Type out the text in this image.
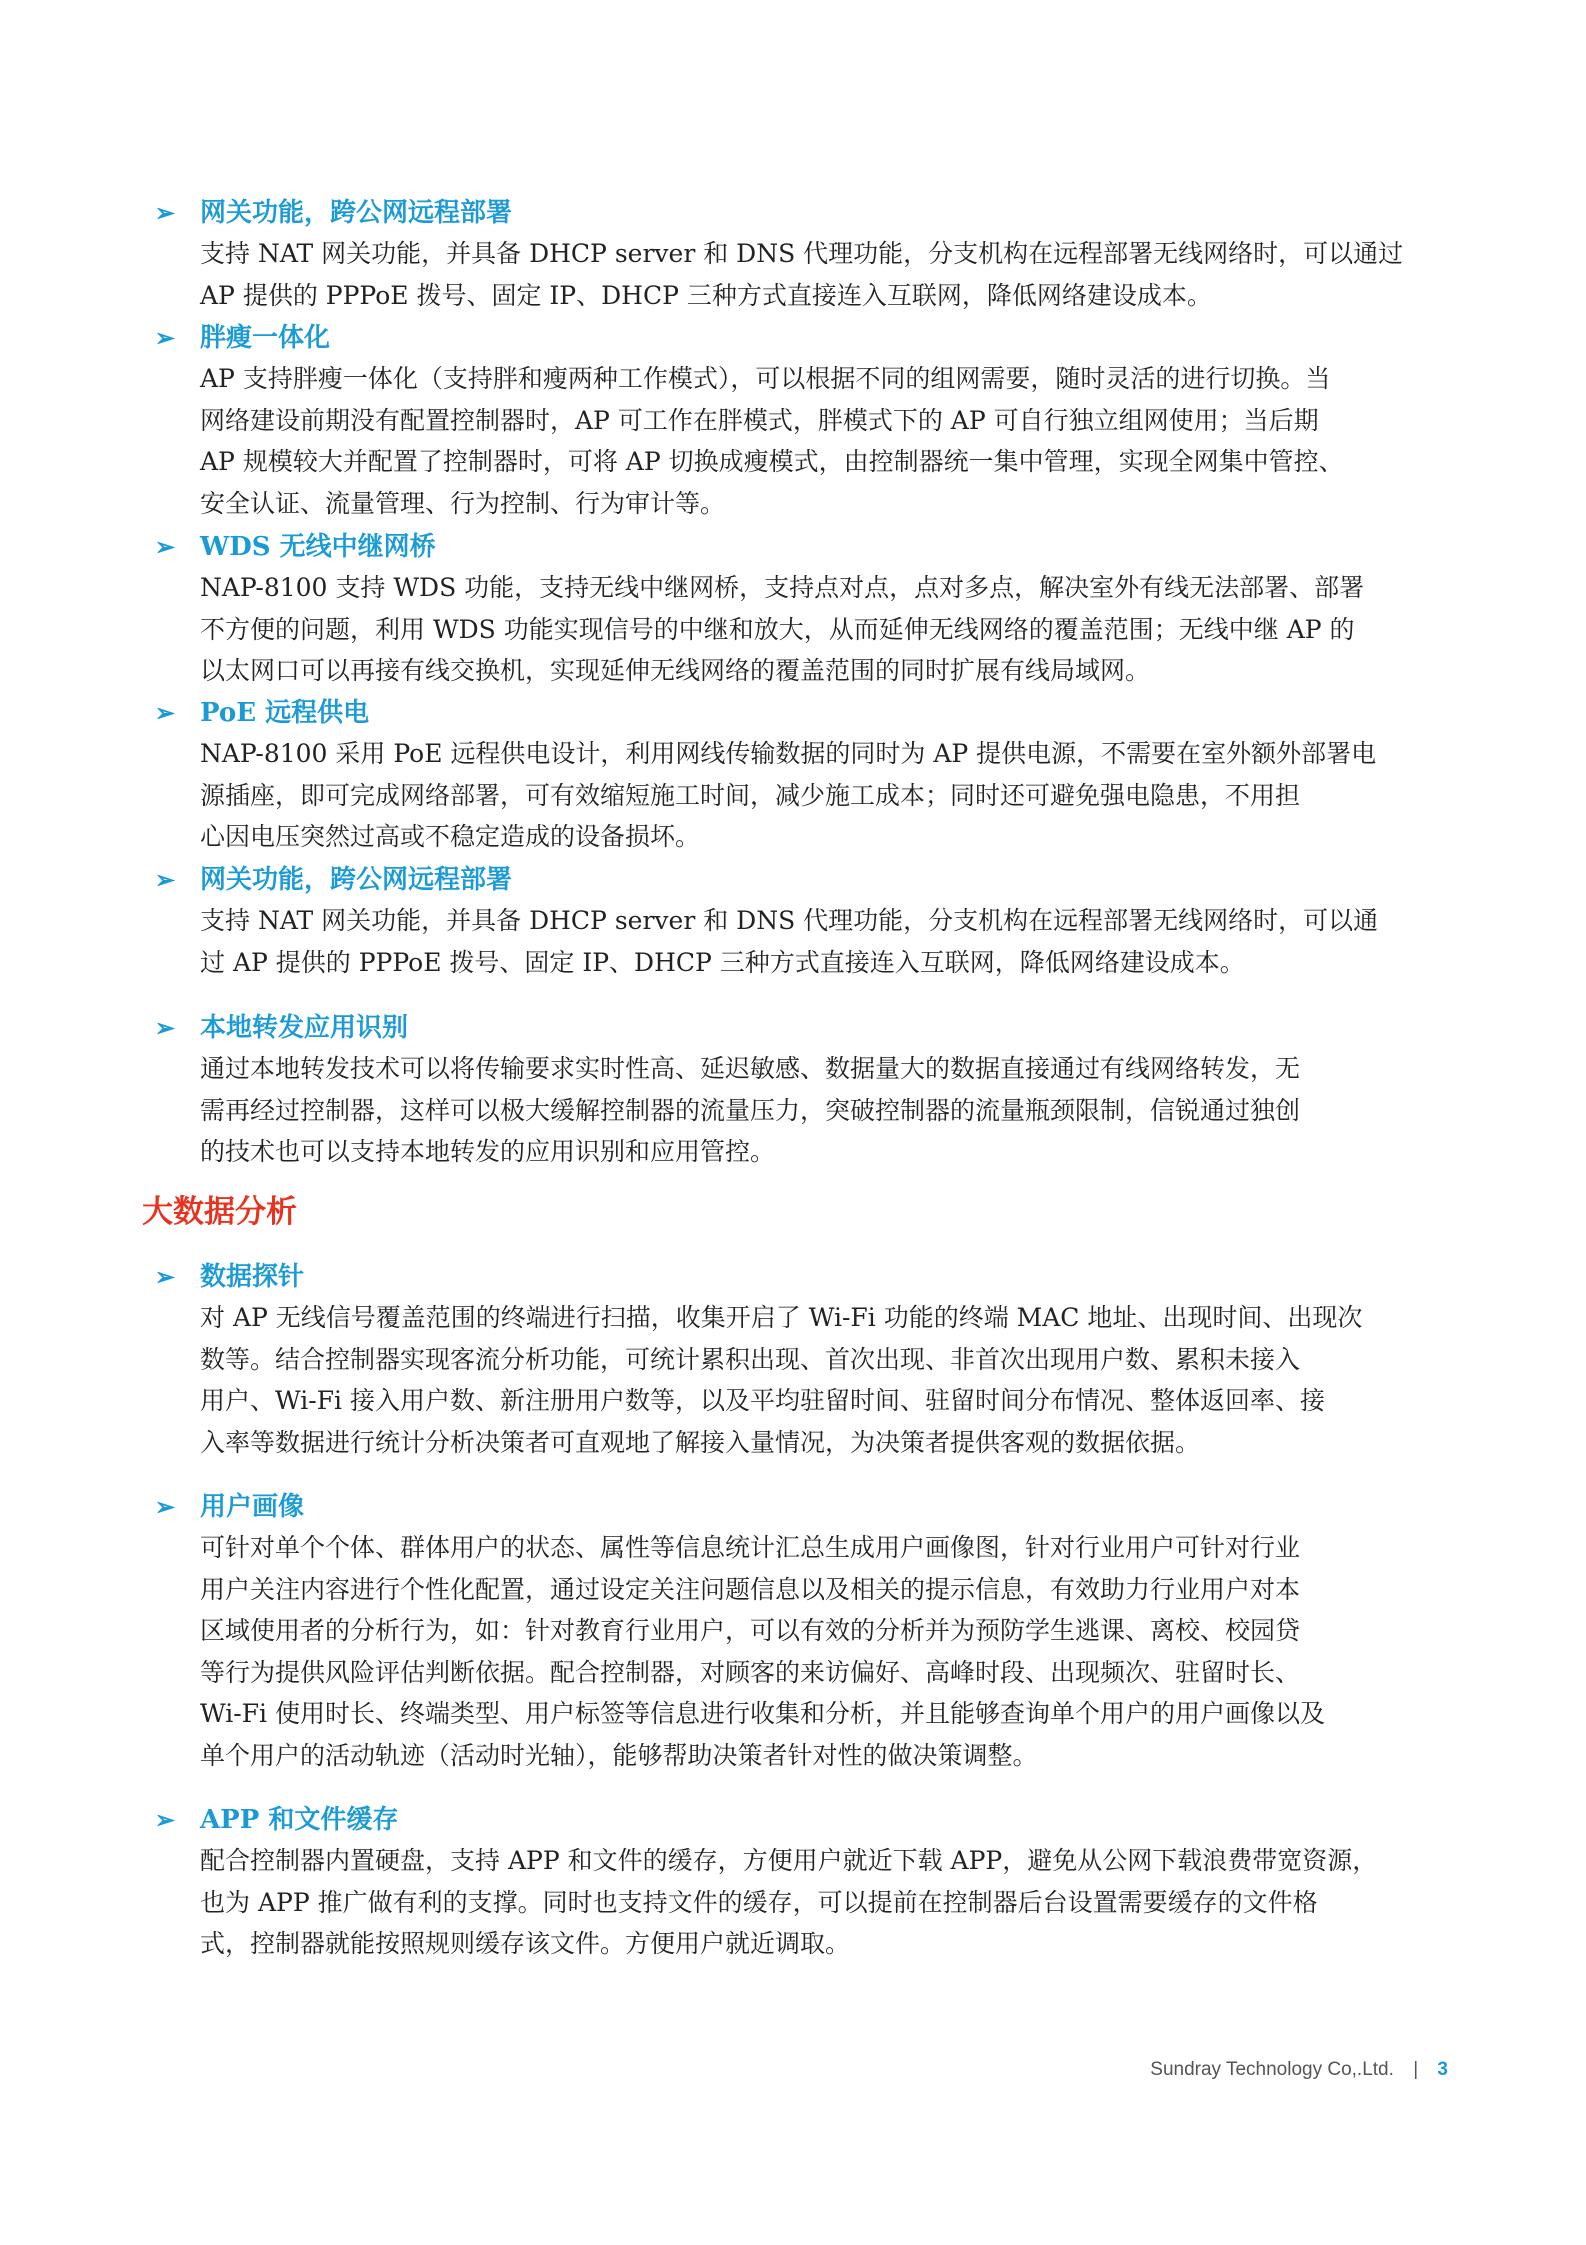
➢ 网关功能，跨公网远程部署
支持 NAT 网关功能，并具备 DHCP server 和 DNS 代理功能，分支机构在远程部署无线网络时，可以通过
AP 提供的 PPPoE 拨号、固定 IP、DHCP 三种方式直接连入互联网，降低网络建设成本。
➢ 胖瘦一体化
AP 支持胖瘦一体化（支持胖和瘦两种工作模式），可以根据不同的组网需要，随时灵活的进行切换。当
网络建设前期没有配置控制器时，AP 可工作在胖模式，胖模式下的 AP 可自行独立组网使用；当后期
AP 规模较大并配置了控制器时，可将 AP 切换成瘦模式，由控制器统一集中管理，实现全网集中管控、
安全认证、流量管理、行为控制、行为审计等。
➢ WDS 无线中继网桥
NAP-8100 支持 WDS 功能，支持无线中继网桥，支持点对点，点对多点，解决室外有线无法部署、部署
不方便的问题，利用 WDS 功能实现信号的中继和放大，从而延伸无线网络的覆盖范围；无线中继 AP 的
以太网口可以再接有线交换机，实现延伸无线网络的覆盖范围的同时扩展有线局域网。
➢ PoE 远程供电
NAP-8100 采用 PoE 远程供电设计，利用网线传输数据的同时为 AP 提供电源，不需要在室外额外部署电
源插座，即可完成网络部署，可有效缩短施工时间，减少施工成本；同时还可避免强电隐患，不用担
心因电压突然过高或不稳定造成的设备损坏。
➢ 网关功能，跨公网远程部署
支持 NAT 网关功能，并具备 DHCP server 和 DNS 代理功能，分支机构在远程部署无线网络时，可以通
过 AP 提供的 PPPoE 拨号、固定 IP、DHCP 三种方式直接连入互联网，降低网络建设成本。
➢ 本地转发应用识别
通过本地转发技术可以将传输要求实时性高、延迟敏感、数据量大的数据直接通过有线网络转发，无
需再经过控制器，这样可以极大缓解控制器的流量压力，突破控制器的流量瓶颈限制，信锐通过独创
的技术也可以支持本地转发的应用识别和应用管控。
大数据分析
➢ 数据探针
对 AP 无线信号覆盖范围的终端进行扫描，收集开启了 Wi-Fi 功能的终端 MAC 地址、出现时间、出现次
数等。结合控制器实现客流分析功能，可统计累积出现、首次出现、非首次出现用户数、累积未接入
用户、Wi-Fi 接入用户数、新注册用户数等，以及平均驻留时间、驻留时间分布情况、整体返回率、接
入率等数据进行统计分析决策者可直观地了解接入量情况，为决策者提供客观的数据依据。
➢ 用户画像
可针对单个个体、群体用户的状态、属性等信息统计汇总生成用户画像图，针对行业用户可针对行业
用户关注内容进行个性化配置，通过设定关注问题信息以及相关的提示信息，有效助力行业用户对本
区域使用者的分析行为，如：针对教育行业用户，可以有效的分析并为预防学生逃课、离校、校园贷
等行为提供风险评估判断依据。配合控制器，对顾客的来访偏好、高峰时段、出现频次、驻留时长、
Wi-Fi 使用时长、终端类型、用户标签等信息进行收集和分析，并且能够查询单个用户的用户画像以及
单个用户的活动轨迹（活动时光轴），能够帮助决策者针对性的做决策调整。
➢ APP 和文件缓存
配合控制器内置硬盘，支持 APP 和文件的缓存，方便用户就近下载 APP，避免从公网下载浪费带宽资源，
也为 APP 推广做有利的支撑。同时也支持文件的缓存，可以提前在控制器后台设置需要缓存的文件格
式，控制器就能按照规则缓存该文件。方便用户就近调取。
Sundray Technology Co,.Ltd. | 3
